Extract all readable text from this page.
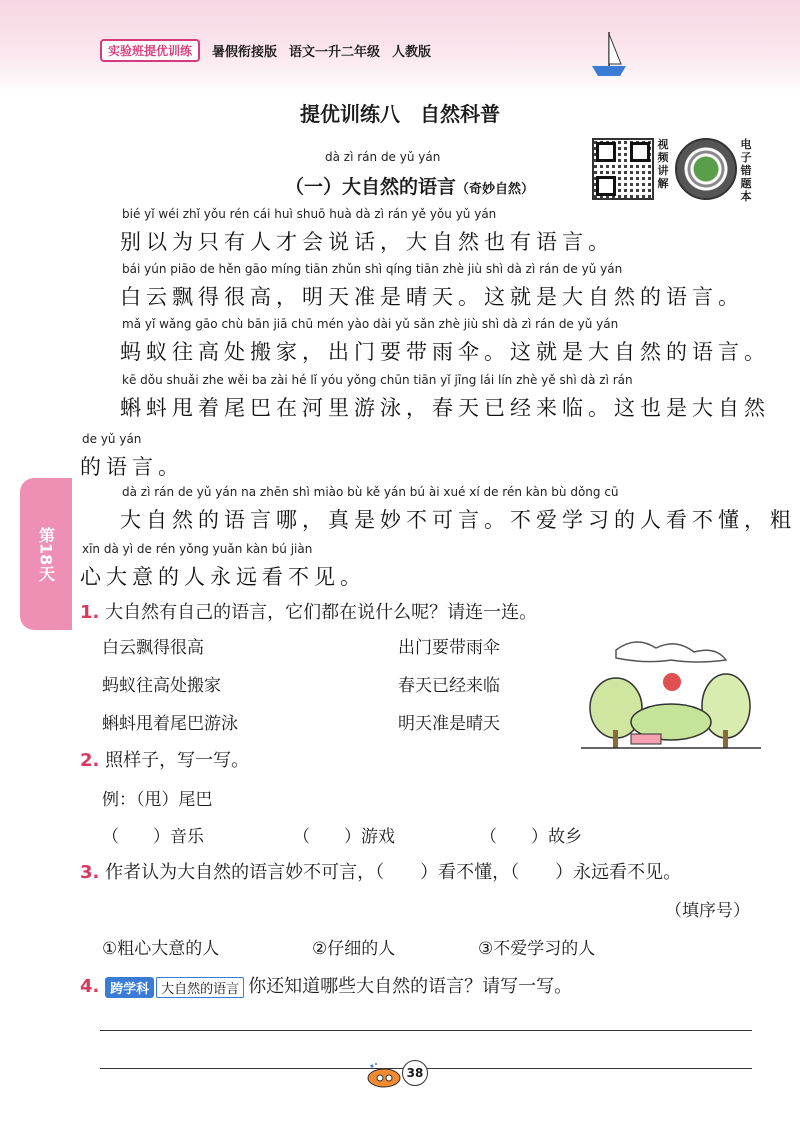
实验班提优训练	暑假衔接版 语文一升二年级 人教版
提优训练八　自然科普
视频讲解
电子错题本
dà zì rán de yǔ yán
（一）大自然的语言（奇妙自然）
bié yǐ wéi zhǐ yǒu rén cái huì shuō huà dà zì rán yě yǒu yǔ yán
别以为只有人才会说话，大自然也有语言。
bái yún piāo de hěn gāo míng tiān zhǔn shì qíng tiān zhè jiù shì dà zì rán de yǔ yán
白云飘得很高，明天准是晴天。这就是大自然的语言。
mǎ yǐ wǎng gāo chù bān jiā chū mén yào dài yǔ sǎn zhè jiù shì dà zì rán de yǔ yán
蚂蚁往高处搬家，出门要带雨伞。这就是大自然的语言。
kē dǒu shuǎi zhe wěi ba zài hé lǐ yóu yǒng chūn tiān yǐ jīng lái lín zhè yě shì dà zì rán
蝌蚪甩着尾巴在河里游泳，春天已经来临。这也是大自然
de yǔ yán
的语言。
dà zì rán de yǔ yán na zhēn shì miào bù kě yán bú ài xué xí de rén kàn bù dǒng cū
大自然的语言哪，真是妙不可言。不爱学习的人看不懂，粗
xīn dà yì de rén yǒng yuǎn kàn bú jiàn
心大意的人永远看不见。
第18天
1. 大自然有自己的语言，它们都在说什么呢？请连一连。
白云飘得很高
蚂蚁往高处搬家
蝌蚪甩着尾巴游泳
出门要带雨伞
春天已经来临
明天准是晴天
2. 照样子，写一写。
例：（甩）尾巴
（　　）音乐	（　　）游戏	（　　）故乡
3. 作者认为大自然的语言妙不可言，（　　）看不懂，（　　）永远看不见。
（填序号）
①粗心大意的人	②仔细的人	③不爱学习的人
4. 跨学科 大自然的语言 你还知道哪些大自然的语言？请写一写。
38
